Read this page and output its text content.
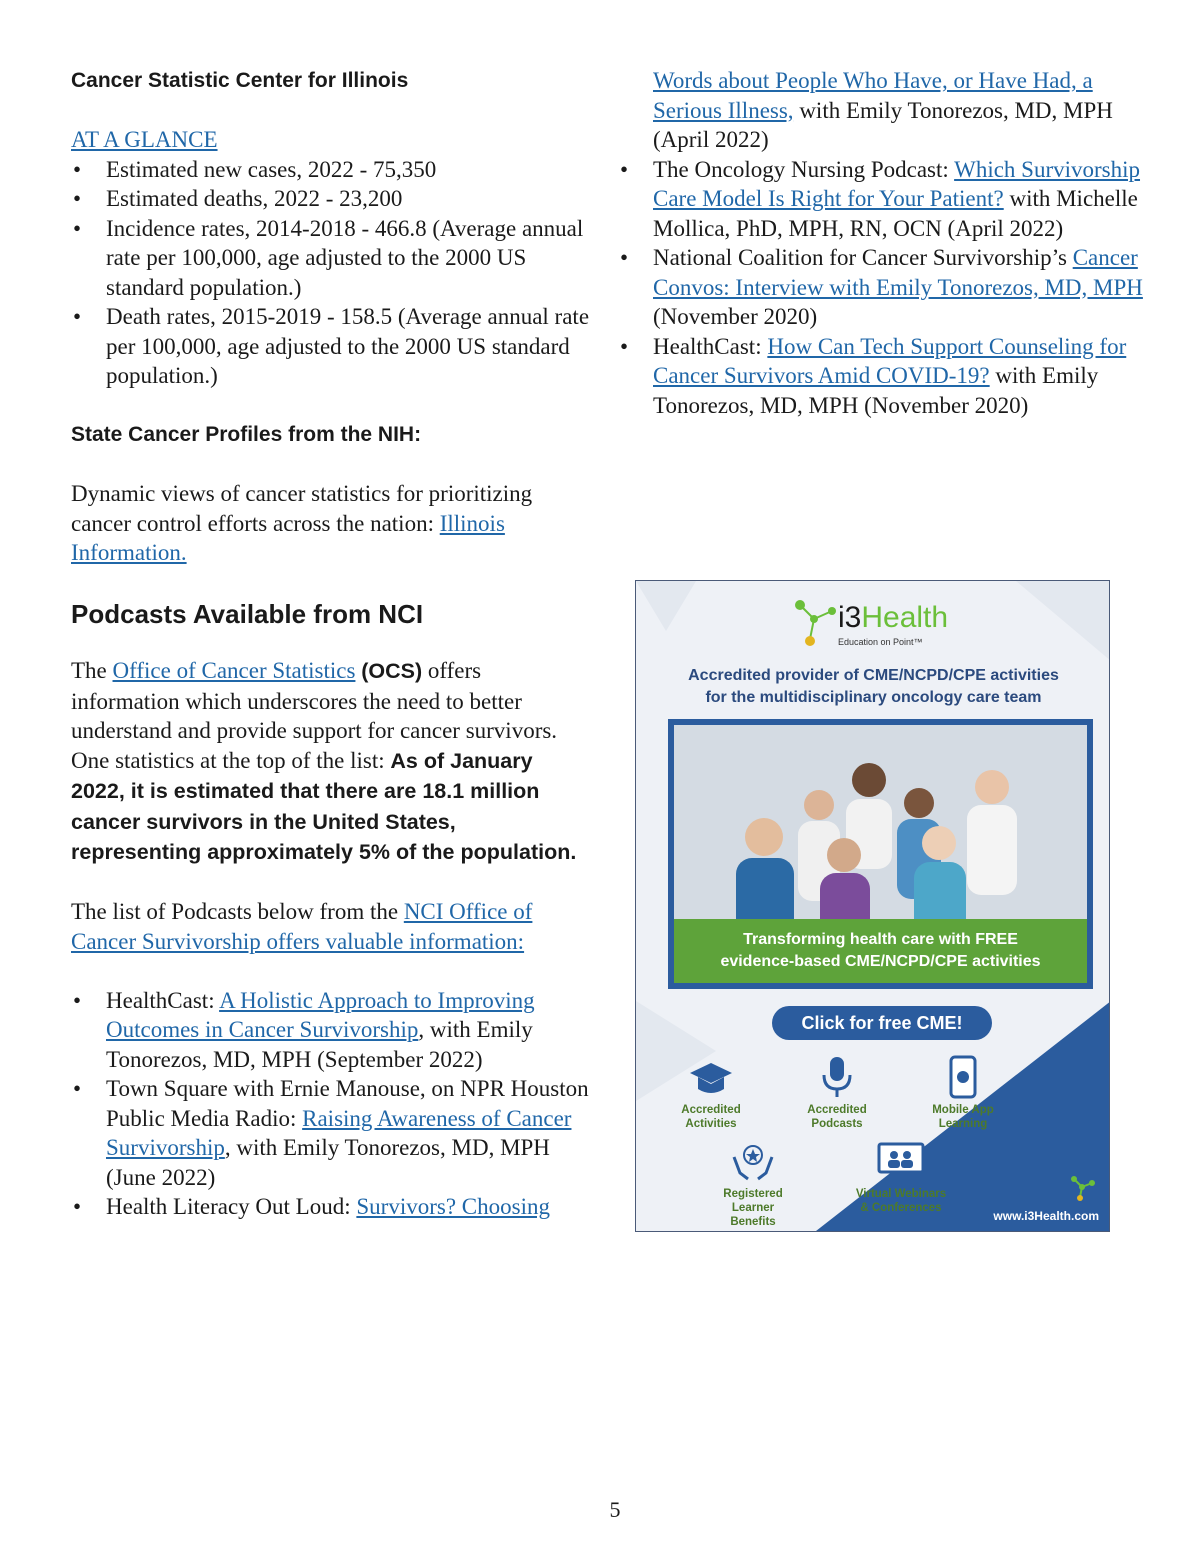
Cancer Statistic Center for Illinois
AT A GLANCE
• Estimated new cases, 2022 - 75,350
• Estimated deaths, 2022 - 23,200
• Incidence rates, 2014-2018 - 466.8 (Average annual rate per 100,000, age adjusted to the 2000 US standard population.)
• Death rates, 2015-2019 - 158.5 (Average annual rate per 100,000, age adjusted to the 2000 US standard population.)
State Cancer Profiles from the NIH:

Dynamic views of cancer statistics for prioritizing cancer control efforts across the nation: Illinois Information.

Podcasts Available from NCI

The Office of Cancer Statistics (OCS) offers information which underscores the need to better understand and provide support for cancer survivors. One statistics at the top of the list: As of January 2022, it is estimated that there are 18.1 million cancer survivors in the United States, representing approximately 5% of the population.

The list of Podcasts below from the NCI Office of Cancer Survivorship offers valuable information:

• HealthCast: A Holistic Approach to Improving Outcomes in Cancer Survivorship, with Emily Tonorezos, MD, MPH (September 2022)
• Town Square with Ernie Manouse, on NPR Houston Public Media Radio: Raising Awareness of Cancer Survivorship, with Emily Tonorezos, MD, MPH (June 2022)
• Health Literacy Out Loud: Survivors? Choosing
Words about People Who Have, or Have Had, a Serious Illness, with Emily Tonorezos, MD, MPH (April 2022)
• The Oncology Nursing Podcast: Which Survivorship Care Model Is Right for Your Patient? with Michelle Mollica, PhD, MPH, RN, OCN (April 2022)
• National Coalition for Cancer Survivorship’s Cancer Convos: Interview with Emily Tonorezos, MD, MPH (November 2020)
• HealthCast: How Can Tech Support Counseling for Cancer Survivors Amid COVID-19? with Emily Tonorezos, MD, MPH (November 2020)
i3Health
Education on Point™
Accredited provider of CME/NCPD/CPE activities
for the multidisciplinary oncology care team
Transforming health care with FREE
evidence-based CME/NCPD/CPE activities
Click for free CME!
Accredited
Activities
Accredited
Podcasts
Mobile App
Learning
Registered
Learner Benefits
Virtual Webinars
& Conferences
www.i3Health.com
5
